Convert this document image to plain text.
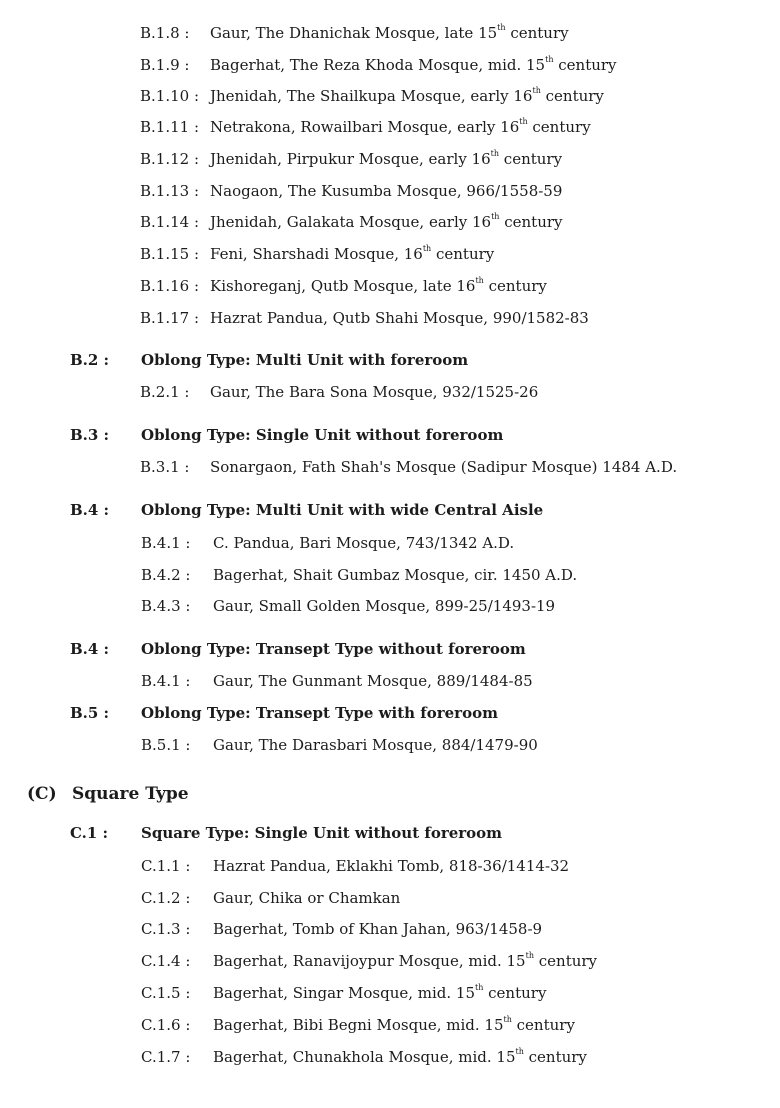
B.1.8 : Gaur, The Dhanichak Mosque, late 15th century
B.1.9 : Bagerhat, The Reza Khoda Mosque, mid. 15th century
B.1.10 : Jhenidah, The Shailkupa Mosque, early 16th century
B.1.11 : Netrakona, Rowailbari Mosque, early 16th century
B.1.12 : Jhenidah, Pirpukur Mosque, early 16th century
B.1.13 : Naogaon, The Kusumba Mosque, 966/1558-59
B.1.14 : Jhenidah, Galakata Mosque, early 16th century
B.1.15 : Feni, Sharshadi Mosque, 16th century
B.1.16 : Kishoreganj, Qutb Mosque, late 16th century
B.1.17 : Hazrat Pandua, Qutb Shahi Mosque, 990/1582-83
B.2 : Oblong Type: Multi Unit with foreroom
B.2.1 : Gaur, The Bara Sona Mosque, 932/1525-26
B.3 : Oblong Type: Single Unit without foreroom
B.3.1 : Sonargaon, Fath Shah's Mosque (Sadipur Mosque) 1484 A.D.
B.4 : Oblong Type: Multi Unit with wide Central Aisle
B.4.1 : C. Pandua, Bari Mosque, 743/1342 A.D.
B.4.2 : Bagerhat, Shait Gumbaz Mosque, cir. 1450 A.D.
B.4.3 : Gaur, Small Golden Mosque, 899-25/1493-19
B.4 : Oblong Type: Transept Type without foreroom
B.4.1 : Gaur, The Gunmant Mosque, 889/1484-85
B.5 : Oblong Type: Transept Type with foreroom
B.5.1 : Gaur, The Darasbari Mosque, 884/1479-90
(C) Square Type
C.1 : Square Type: Single Unit without foreroom
C.1.1 : Hazrat Pandua, Eklakhi Tomb, 818-36/1414-32
C.1.2 : Gaur, Chika or Chamkan
C.1.3 : Bagerhat, Tomb of Khan Jahan, 963/1458-9
C.1.4 : Bagerhat, Ranavijoypur Mosque, mid. 15th century
C.1.5 : Bagerhat, Singar Mosque, mid. 15th century
C.1.6 : Bagerhat, Bibi Begni Mosque, mid. 15th century
C.1.7 : Bagerhat, Chunakhola Mosque, mid. 15th century
